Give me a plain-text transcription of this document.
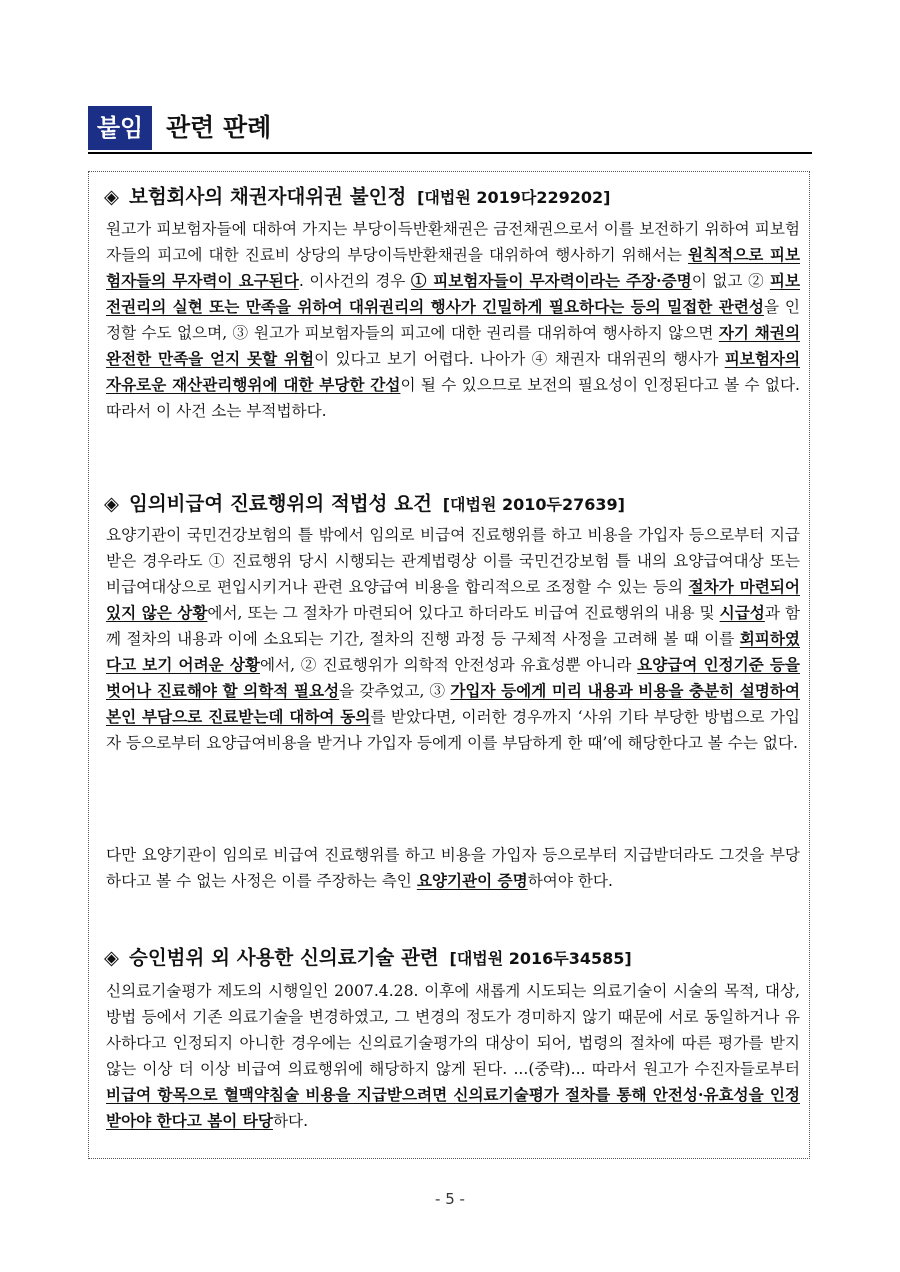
붙임 관련 판례
◈ 보험회사의 채권자대위권 불인정 [대법원 2019다229202]
원고가 피보험자들에 대하여 가지는 부당이득반환채권은 금전채권으로서 이를 보전하기 위하여 피보험자들의 피고에 대한 진료비 상당의 부당이득반환채권을 대위하여 행사하기 위해서는 원칙적으로 피보험자들의 무자력이 요구된다. 이사건의 경우 ① 피보험자들이 무자력이라는 주장·증명이 없고 ② 피보전권리의 실현 또는 만족을 위하여 대위권리의 행사가 긴밀하게 필요하다는 등의 밀접한 관련성을 인정할 수도 없으며, ③ 원고가 피보험자들의 피고에 대한 권리를 대위하여 행사하지 않으면 자기 채권의 완전한 만족을 얻지 못할 위험이 있다고 보기 어렵다. 나아가 ④ 채권자 대위권의 행사가 피보험자의 자유로운 재산관리행위에 대한 부당한 간섭이 될 수 있으므로 보전의 필요성이 인정된다고 볼 수 없다. 따라서 이 사건 소는 부적법하다.
◈ 임의비급여 진료행위의 적법성 요건 [대법원 2010두27639]
요양기관이 국민건강보험의 틀 밖에서 임의로 비급여 진료행위를 하고 비용을 가입자 등으로부터 지급 받은 경우라도 ① 진료행위 당시 시행되는 관계법령상 이를 국민건강보험 틀 내의 요양급여대상 또는 비급여대상으로 편입시키거나 관련 요양급여 비용을 합리적으로 조정할 수 있는 등의 절차가 마련되어 있지 않은 상황에서, 또는 그 절차가 마련되어 있다고 하더라도 비급여 진료행위의 내용 및 시급성과 함께 절차의 내용과 이에 소요되는 기간, 절차의 진행 과정 등 구체적 사정을 고려해 볼 때 이를 회피하였다고 보기 어려운 상황에서, ② 진료행위가 의학적 안전성과 유효성뿐 아니라 요양급여 인정기준 등을 벗어나 진료해야 할 의학적 필요성을 갖추었고, ③ 가입자 등에게 미리 내용과 비용을 충분히 설명하여 본인 부담으로 진료받는데 대하여 동의를 받았다면, 이러한 경우까지 ‘사위 기타 부당한 방법으로 가입자 등으로부터 요양급여비용을 받거나 가입자 등에게 이를 부담하게 한 때’에 해당한다고 볼 수는 없다.
다만 요양기관이 임의로 비급여 진료행위를 하고 비용을 가입자 등으로부터 지급받더라도 그것을 부당하다고 볼 수 없는 사정은 이를 주장하는 측인 요양기관이 증명하여야 한다.
◈ 승인범위 외 사용한 신의료기술 관련 [대법원 2016두34585]
신의료기술평가 제도의 시행일인 2007.4.28. 이후에 새롭게 시도되는 의료기술이 시술의 목적, 대상, 방법 등에서 기존 의료기술을 변경하였고, 그 변경의 정도가 경미하지 않기 때문에 서로 동일하거나 유사하다고 인정되지 아니한 경우에는 신의료기술평가의 대상이 되어, 법령의 절차에 따른 평가를 받지 않는 이상 더 이상 비급여 의료행위에 해당하지 않게 된다. ...(중략)... 따라서 원고가 수진자들로부터 비급여 항목으로 혈맥약침술 비용을 지급받으려면 신의료기술평가 절차를 통해 안전성·유효성을 인정받아야 한다고 봄이 타당하다.
- 5 -
